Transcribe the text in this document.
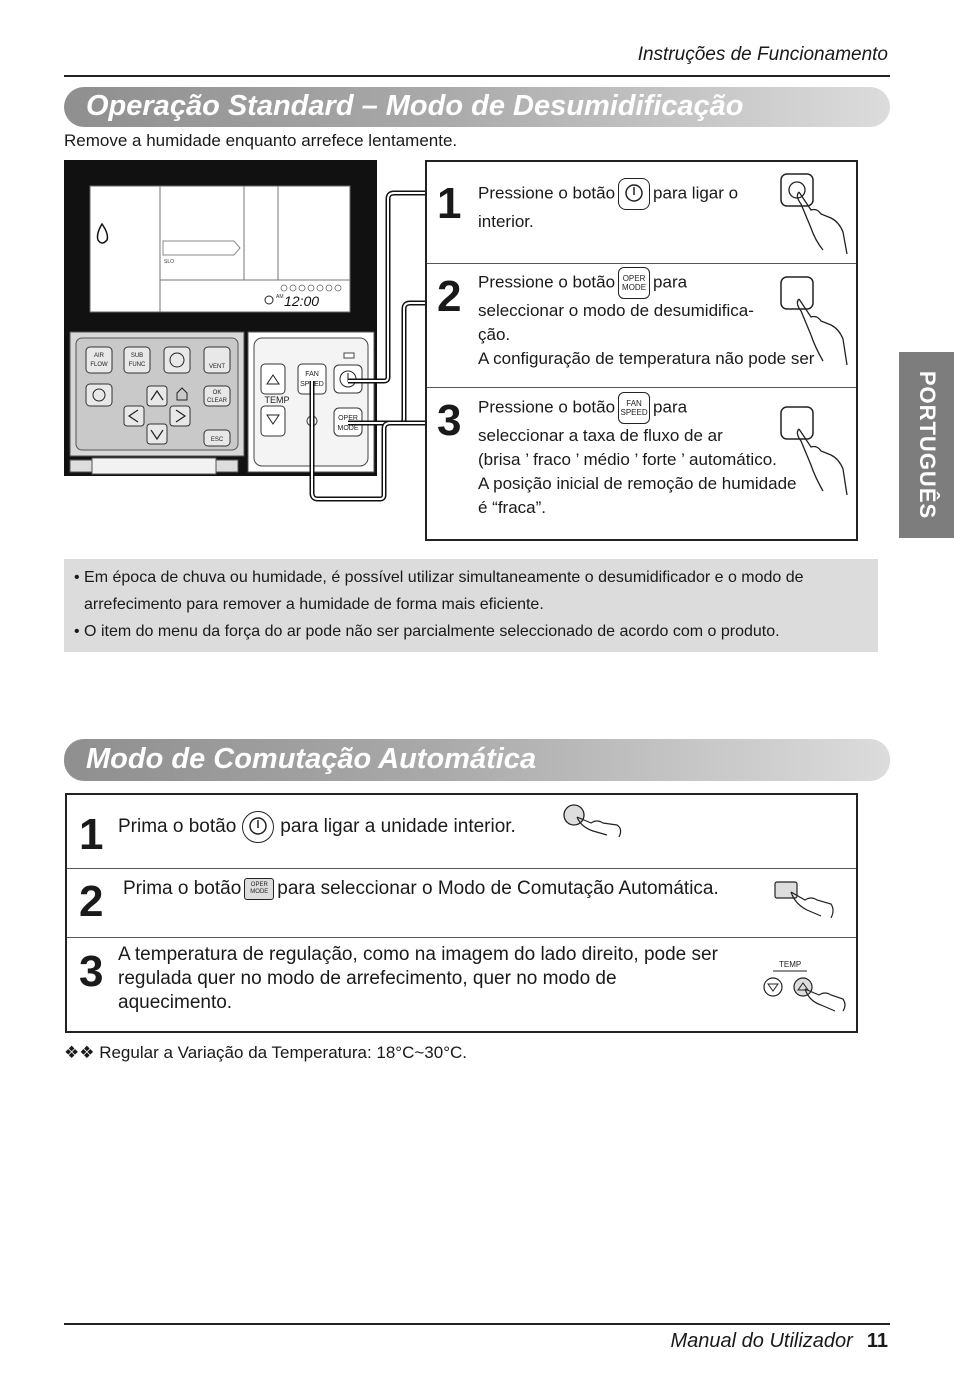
Instruções de Funcionamento
Operação Standard – Modo de Desumidificação
Remove a humidade enquanto arrefece lentamente.
PORTUGUÊS
SLO
AM 12:00
AIR
FLOW
SUB
FUNC	VENT
OK
CLEAR
ESC
TEMP
FAN
SPEED
OPER
MODE
1 Pressione o botão para ligar o
interior.
2 Pressione o botão OPER
MODE para
seleccionar o modo de desumidifica-
ção.
A configuração de temperatura não pode ser
3 Pressione o botão FAN
SPEED para
seleccionar a taxa de fluxo de ar
(brisa ’ fraco ’ médio ’ forte ’ automático.
A posição inicial de remoção de humidade
é “fraca”.

• Em época de chuva ou humidade, é possível utilizar simultaneamente o desumidificador e o modo de arrefecimento para remover a humidade de forma mais eficiente.

• O item do menu da força do ar pode não ser parcialmente seleccionado de acordo com o produto.

Modo de Comutação Automática
1 Prima o botão para ligar a unidade interior.
2 Prima o botão OPER
MODE para seleccionar o Modo de Comutação Automática.
3 A temperatura de regulação, como na imagem do lado direito, pode ser
regulada quer no modo de arrefecimento, quer no modo de
aquecimento.
TEMP
❖❖ Regular a Variação da Temperatura: 18°C~30°C.
Manual do Utilizador 11
